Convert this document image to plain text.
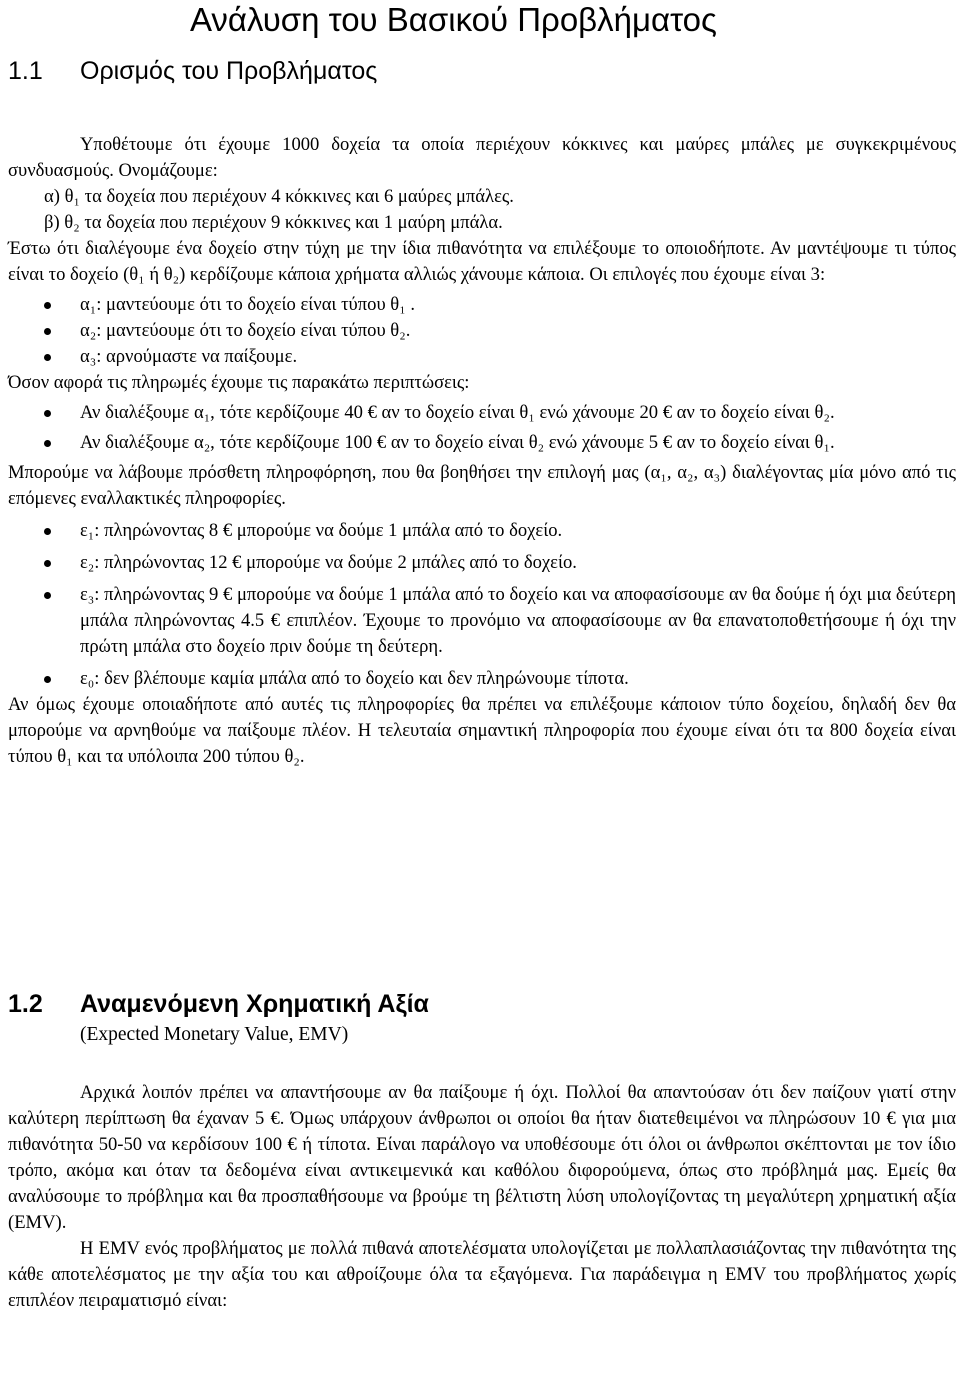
Ανάλυση του Βασικού Προβλήματος
1.1 Ορισμός του Προβλήματος

Υποθέτουμε ότι έχουμε 1000 δοχεία τα οποία περιέχουν κόκκινες και μαύρες μπάλες με συγκεκριμένους συνδυασμούς. Ονομάζουμε:

α) θ₁ τα δοχεία που περιέχουν 4 κόκκινες και 6 μαύρες μπάλες.

β) θ₂ τα δοχεία που περιέχουν 9 κόκκινες και 1 μαύρη μπάλα.

Έστω ότι διαλέγουμε ένα δοχείο στην τύχη με την ίδια πιθανότητα να επιλέξουμε το οποιοδήποτε. Αν μαντέψουμε τι τύπος είναι το δοχείο (θ₁ ή θ₂) κερδίζουμε κάποια χρήματα αλλιώς χάνουμε κάποια. Οι επιλογές που έχουμε είναι 3:

α₁: μαντεύουμε ότι το δοχείο είναι τύπου θ₁ .

α₂: μαντεύουμε ότι το δοχείο είναι τύπου θ₂.

α₃: αρνούμαστε να παίξουμε.

Όσον αφορά τις πληρωμές έχουμε τις παρακάτω περιπτώσεις:

Αν διαλέξουμε α₁, τότε κερδίζουμε 40 € αν το δοχείο είναι θ₁ ενώ χάνουμε 20 € αν το δοχείο είναι θ₂.

Αν διαλέξουμε α₂, τότε κερδίζουμε 100 € αν το δοχείο είναι θ₂ ενώ χάνουμε 5 € αν το δοχείο είναι θ₁.

Μπορούμε να λάβουμε πρόσθετη πληροφόρηση, που θα βοηθήσει την επιλογή μας (α₁, α₂, α₃) διαλέγοντας μία μόνο από τις επόμενες εναλλακτικές πληροφορίες.

ε₁: πληρώνοντας 8 € μπορούμε να δούμε 1 μπάλα από το δοχείο.

ε₂: πληρώνοντας 12 € μπορούμε να δούμε 2 μπάλες από το δοχείο.

ε₃: πληρώνοντας 9 € μπορούμε να δούμε 1 μπάλα από το δοχείο και να αποφασίσουμε αν θα δούμε ή όχι μια δεύτερη μπάλα πληρώνοντας 4.5 € επιπλέον. Έχουμε το προνόμιο να αποφασίσουμε αν θα επανατοποθετήσουμε ή όχι την πρώτη μπάλα στο δοχείο πριν δούμε τη δεύτερη.

ε₀: δεν βλέπουμε καμία μπάλα από το δοχείο και δεν πληρώνουμε τίποτα.

Αν όμως έχουμε οποιαδήποτε από αυτές τις πληροφορίες θα πρέπει να επιλέξουμε κάποιον τύπο δοχείου, δηλαδή δεν θα μπορούμε να αρνηθούμε να παίξουμε πλέον. Η τελευταία σημαντική πληροφορία που έχουμε είναι ότι τα 800 δοχεία είναι τύπου θ₁ και τα υπόλοιπα 200 τύπου θ₂.

1.2 Αναμενόμενη Χρηματική Αξία
(Expected Monetary Value, EMV)

Αρχικά λοιπόν πρέπει να απαντήσουμε αν θα παίξουμε ή όχι. Πολλοί θα απαντούσαν ότι δεν παίζουν γιατί στην καλύτερη περίπτωση θα έχαναν 5 €. Όμως υπάρχουν άνθρωποι οι οποίοι θα ήταν διατεθειμένοι να πληρώσουν 10 € για μια πιθανότητα 50-50 να κερδίσουν 100 € ή τίποτα. Είναι παράλογο να υποθέσουμε ότι όλοι οι άνθρωποι σκέπτονται με τον ίδιο τρόπο, ακόμα και όταν τα δεδομένα είναι αντικειμενικά και καθόλου διφορούμενα, όπως στο πρόβλημά μας. Εμείς θα αναλύσουμε το πρόβλημα και θα προσπαθήσουμε να βρούμε τη βέλτιστη λύση υπολογίζοντας τη μεγαλύτερη χρηματική αξία (EMV).

Η EMV ενός προβλήματος με πολλά πιθανά αποτελέσματα υπολογίζεται με πολλαπλασιάζοντας την πιθανότητα της κάθε αποτελέσματος με την αξία του και αθροίζουμε όλα τα εξαγόμενα. Για παράδειγμα η EMV του προβλήματος χωρίς επιπλέον πειραματισμό είναι:
